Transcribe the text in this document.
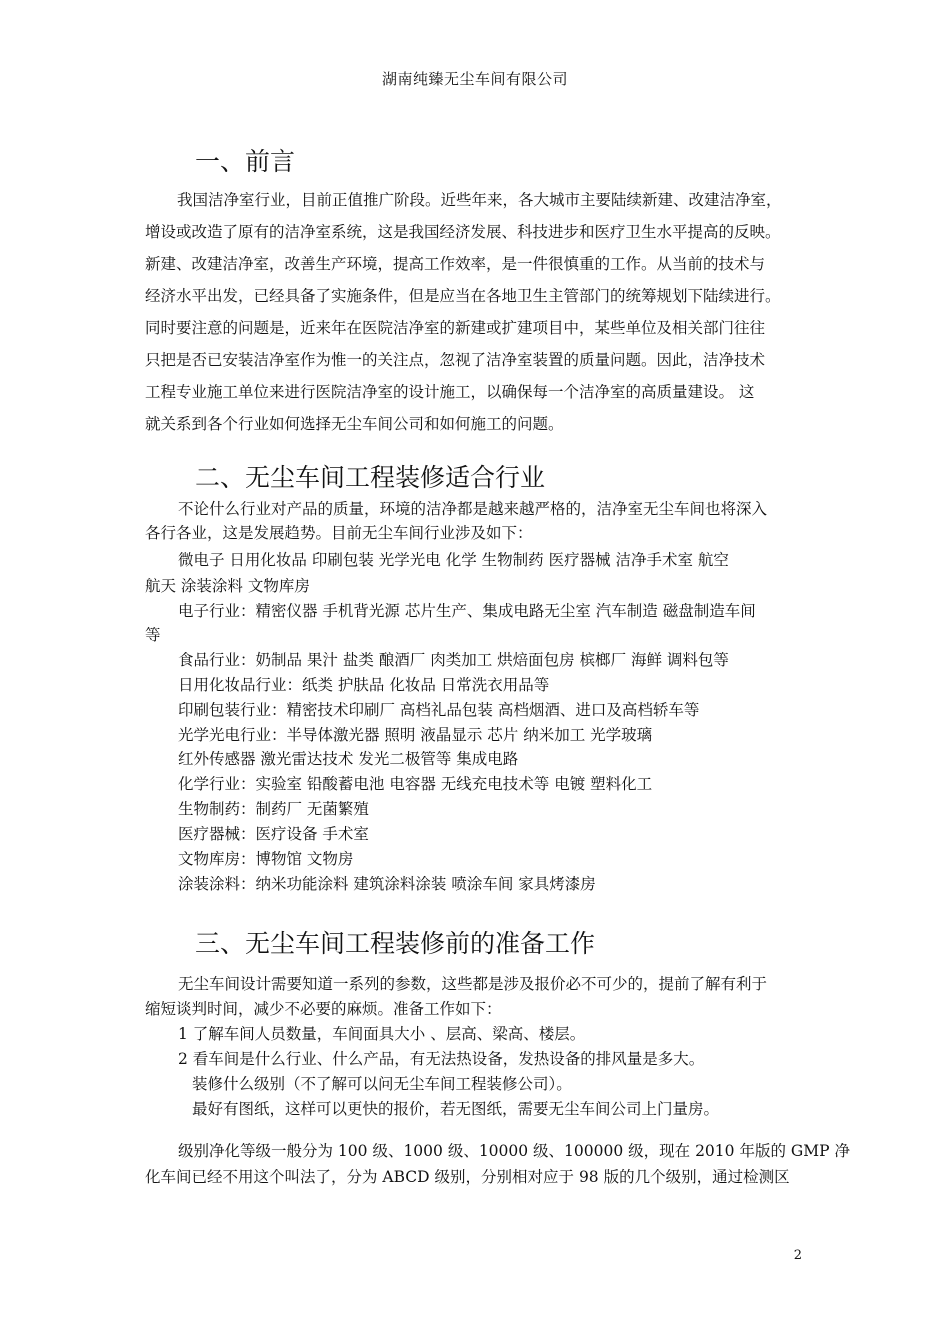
湖南纯臻无尘车间有限公司
一、前言
我国洁净室行业，目前正值推广阶段。近些年来，各大城市主要陆续新建、改建洁净室，
增设或改造了原有的洁净室系统，这是我国经济发展、科技进步和医疗卫生水平提高的反映。
新建、改建洁净室，改善生产环境，提高工作效率，是一件很慎重的工作。从当前的技术与
经济水平出发，已经具备了实施条件，但是应当在各地卫生主管部门的统筹规划下陆续进行。
同时要注意的问题是，近来年在医院洁净室的新建或扩建项目中，某些单位及相关部门往往
只把是否已安装洁净室作为惟一的关注点，忽视了洁净室装置的质量问题。因此，洁净技术
工程专业施工单位来进行医院洁净室的设计施工，以确保每一个洁净室的高质量建设。 这
就关系到各个行业如何选择无尘车间公司和如何施工的问题。
二、无尘车间工程装修适合行业
不论什么行业对产品的质量，环境的洁净都是越来越严格的，洁净室无尘车间也将深入
各行各业，这是发展趋势。目前无尘车间行业涉及如下：
微电子 日用化妆品 印刷包装 光学光电 化学 生物制药 医疗器械 洁净手术室 航空
航天 涂装涂料 文物库房
电子行业：精密仪器 手机背光源 芯片生产、集成电路无尘室 汽车制造 磁盘制造车间
等
食品行业：奶制品 果汁 盐类 酿酒厂 肉类加工 烘焙面包房 槟榔厂 海鲜 调料包等
日用化妆品行业：纸类 护肤品 化妆品 日常洗衣用品等
印刷包装行业：精密技术印刷厂 高档礼品包装 高档烟酒、进口及高档轿车等
光学光电行业：半导体激光器 照明 液晶显示 芯片 纳米加工 光学玻璃
红外传感器 激光雷达技术 发光二极管等 集成电路
化学行业：实验室 铅酸蓄电池 电容器 无线充电技术等 电镀 塑料化工
生物制药：制药厂 无菌繁殖
医疗器械：医疗设备 手术室
文物库房：博物馆 文物房
涂装涂料：纳米功能涂料 建筑涂料涂装 喷涂车间 家具烤漆房
三、无尘车间工程装修前的准备工作
无尘车间设计需要知道一系列的参数，这些都是涉及报价必不可少的，提前了解有利于
缩短谈判时间，减少不必要的麻烦。准备工作如下：
1 了解车间人员数量，车间面具大小 、层高、梁高、楼层。
2 看车间是什么行业、什么产品，有无法热设备，发热设备的排风量是多大。
装修什么级别（不了解可以问无尘车间工程装修公司）。
最好有图纸，这样可以更快的报价，若无图纸，需要无尘车间公司上门量房。
级别净化等级一般分为 100 级、1000 级、10000 级、100000 级，现在 2010 年版的 GMP 净
化车间已经不用这个叫法了，分为 ABCD 级别，分别相对应于 98 版的几个级别，通过检测区
2
